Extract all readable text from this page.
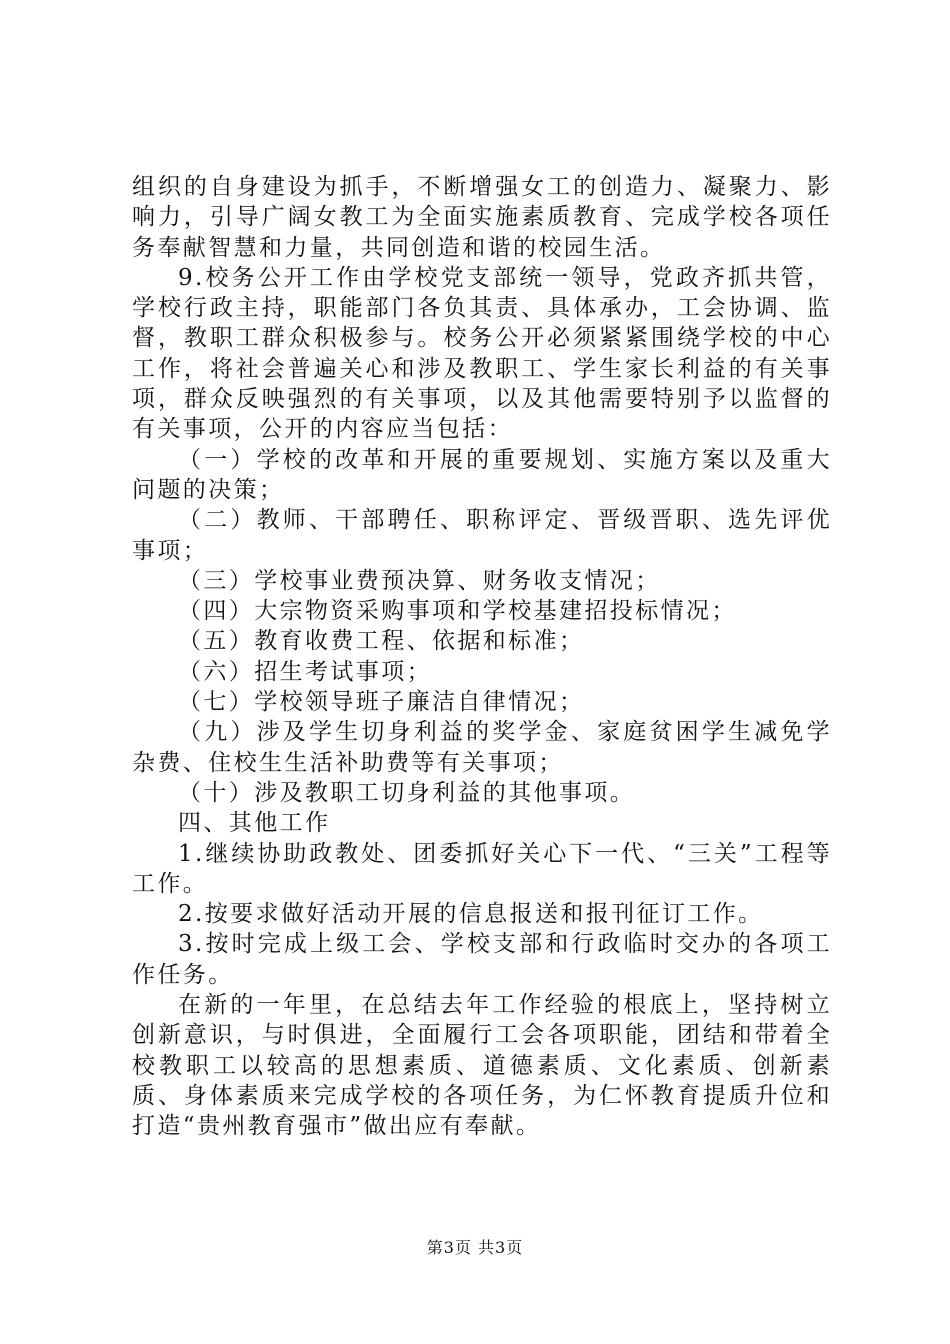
组织的自身建设为抓手，不断增强女工的创造力、凝聚力、影响力，引导广阔女教工为全面实施素质教育、完成学校各项任务奉献智慧和力量，共同创造和谐的校园生活。

9.校务公开工作由学校党支部统一领导，党政齐抓共管，学校行政主持，职能部门各负其责、具体承办，工会协调、监督，教职工群众积极参与。校务公开必须紧紧围绕学校的中心工作，将社会普遍关心和涉及教职工、学生家长利益的有关事项，群众反映强烈的有关事项，以及其他需要特别予以监督的有关事项，公开的内容应当包括：

（一）学校的改革和开展的重要规划、实施方案以及重大问题的决策；

（二）教师、干部聘任、职称评定、晋级晋职、选先评优事项；

（三）学校事业费预决算、财务收支情况；

（四）大宗物资采购事项和学校基建招投标情况；

（五）教育收费工程、依据和标准；

（六）招生考试事项；

（七）学校领导班子廉洁自律情况；

（九）涉及学生切身利益的奖学金、家庭贫困学生减免学杂费、住校生生活补助费等有关事项；

（十）涉及教职工切身利益的其他事项。

四、其他工作

1.继续协助政教处、团委抓好关心下一代、“三关”工程等工作。

2.按要求做好活动开展的信息报送和报刊征订工作。

3.按时完成上级工会、学校支部和行政临时交办的各项工作任务。

在新的一年里，在总结去年工作经验的根底上，坚持树立创新意识，与时俱进，全面履行工会各项职能，团结和带着全校教职工以较高的思想素质、道德素质、文化素质、创新素质、身体素质来完成学校的各项任务，为仁怀教育提质升位和打造“贵州教育强市”做出应有奉献。

第3页 共3页
